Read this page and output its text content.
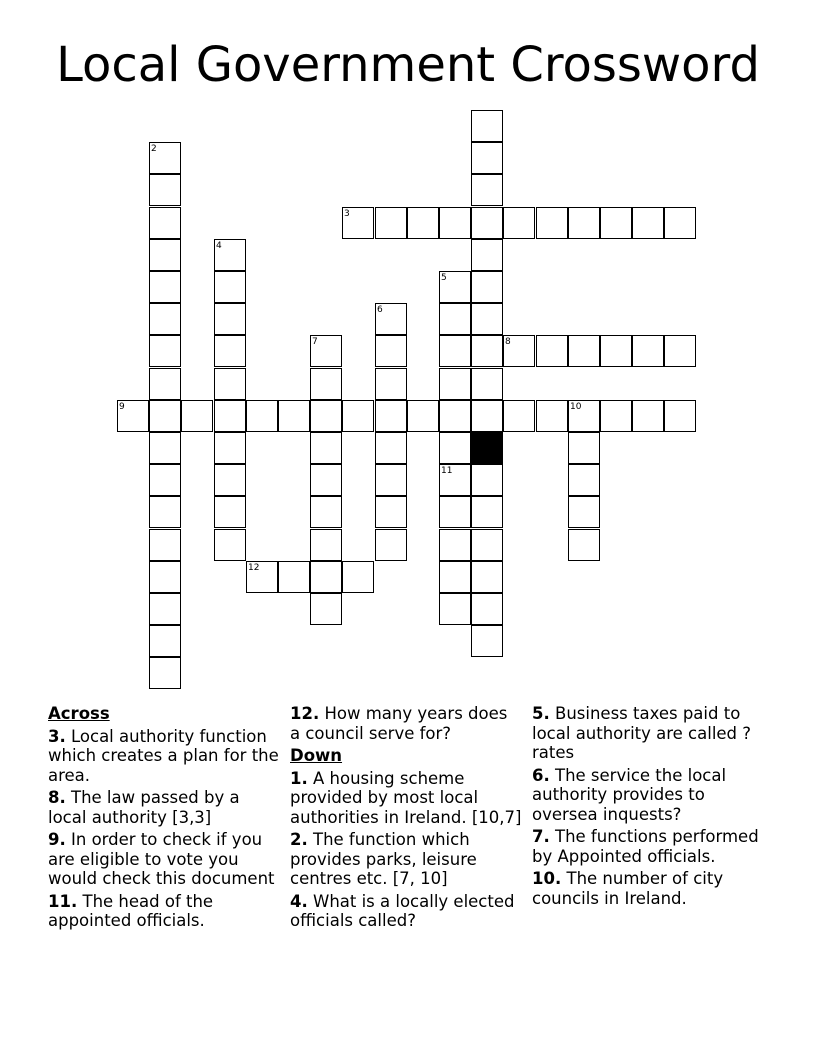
Local Government Crossword
2
3
4
5
11
6
7	8
9	10
12
Across
3. Local authority function which creates a plan for the area.
8. The law passed by a local authority [3,3]
9. In order to check if you are eligible to vote you would check this document
11. The head of the appointed officials.
12. How many years does a council serve for?
Down
1. A housing scheme provided by most local authorities in Ireland. [10,7]
2. The function which provides parks, leisure centres etc. [7, 10]
4. What is a locally elected officials called?
5. Business taxes paid to local authority are called ? rates
6. The service the local authority provides to oversea inquests?
7. The functions performed by Appointed officials.
10. The number of city councils in Ireland.
